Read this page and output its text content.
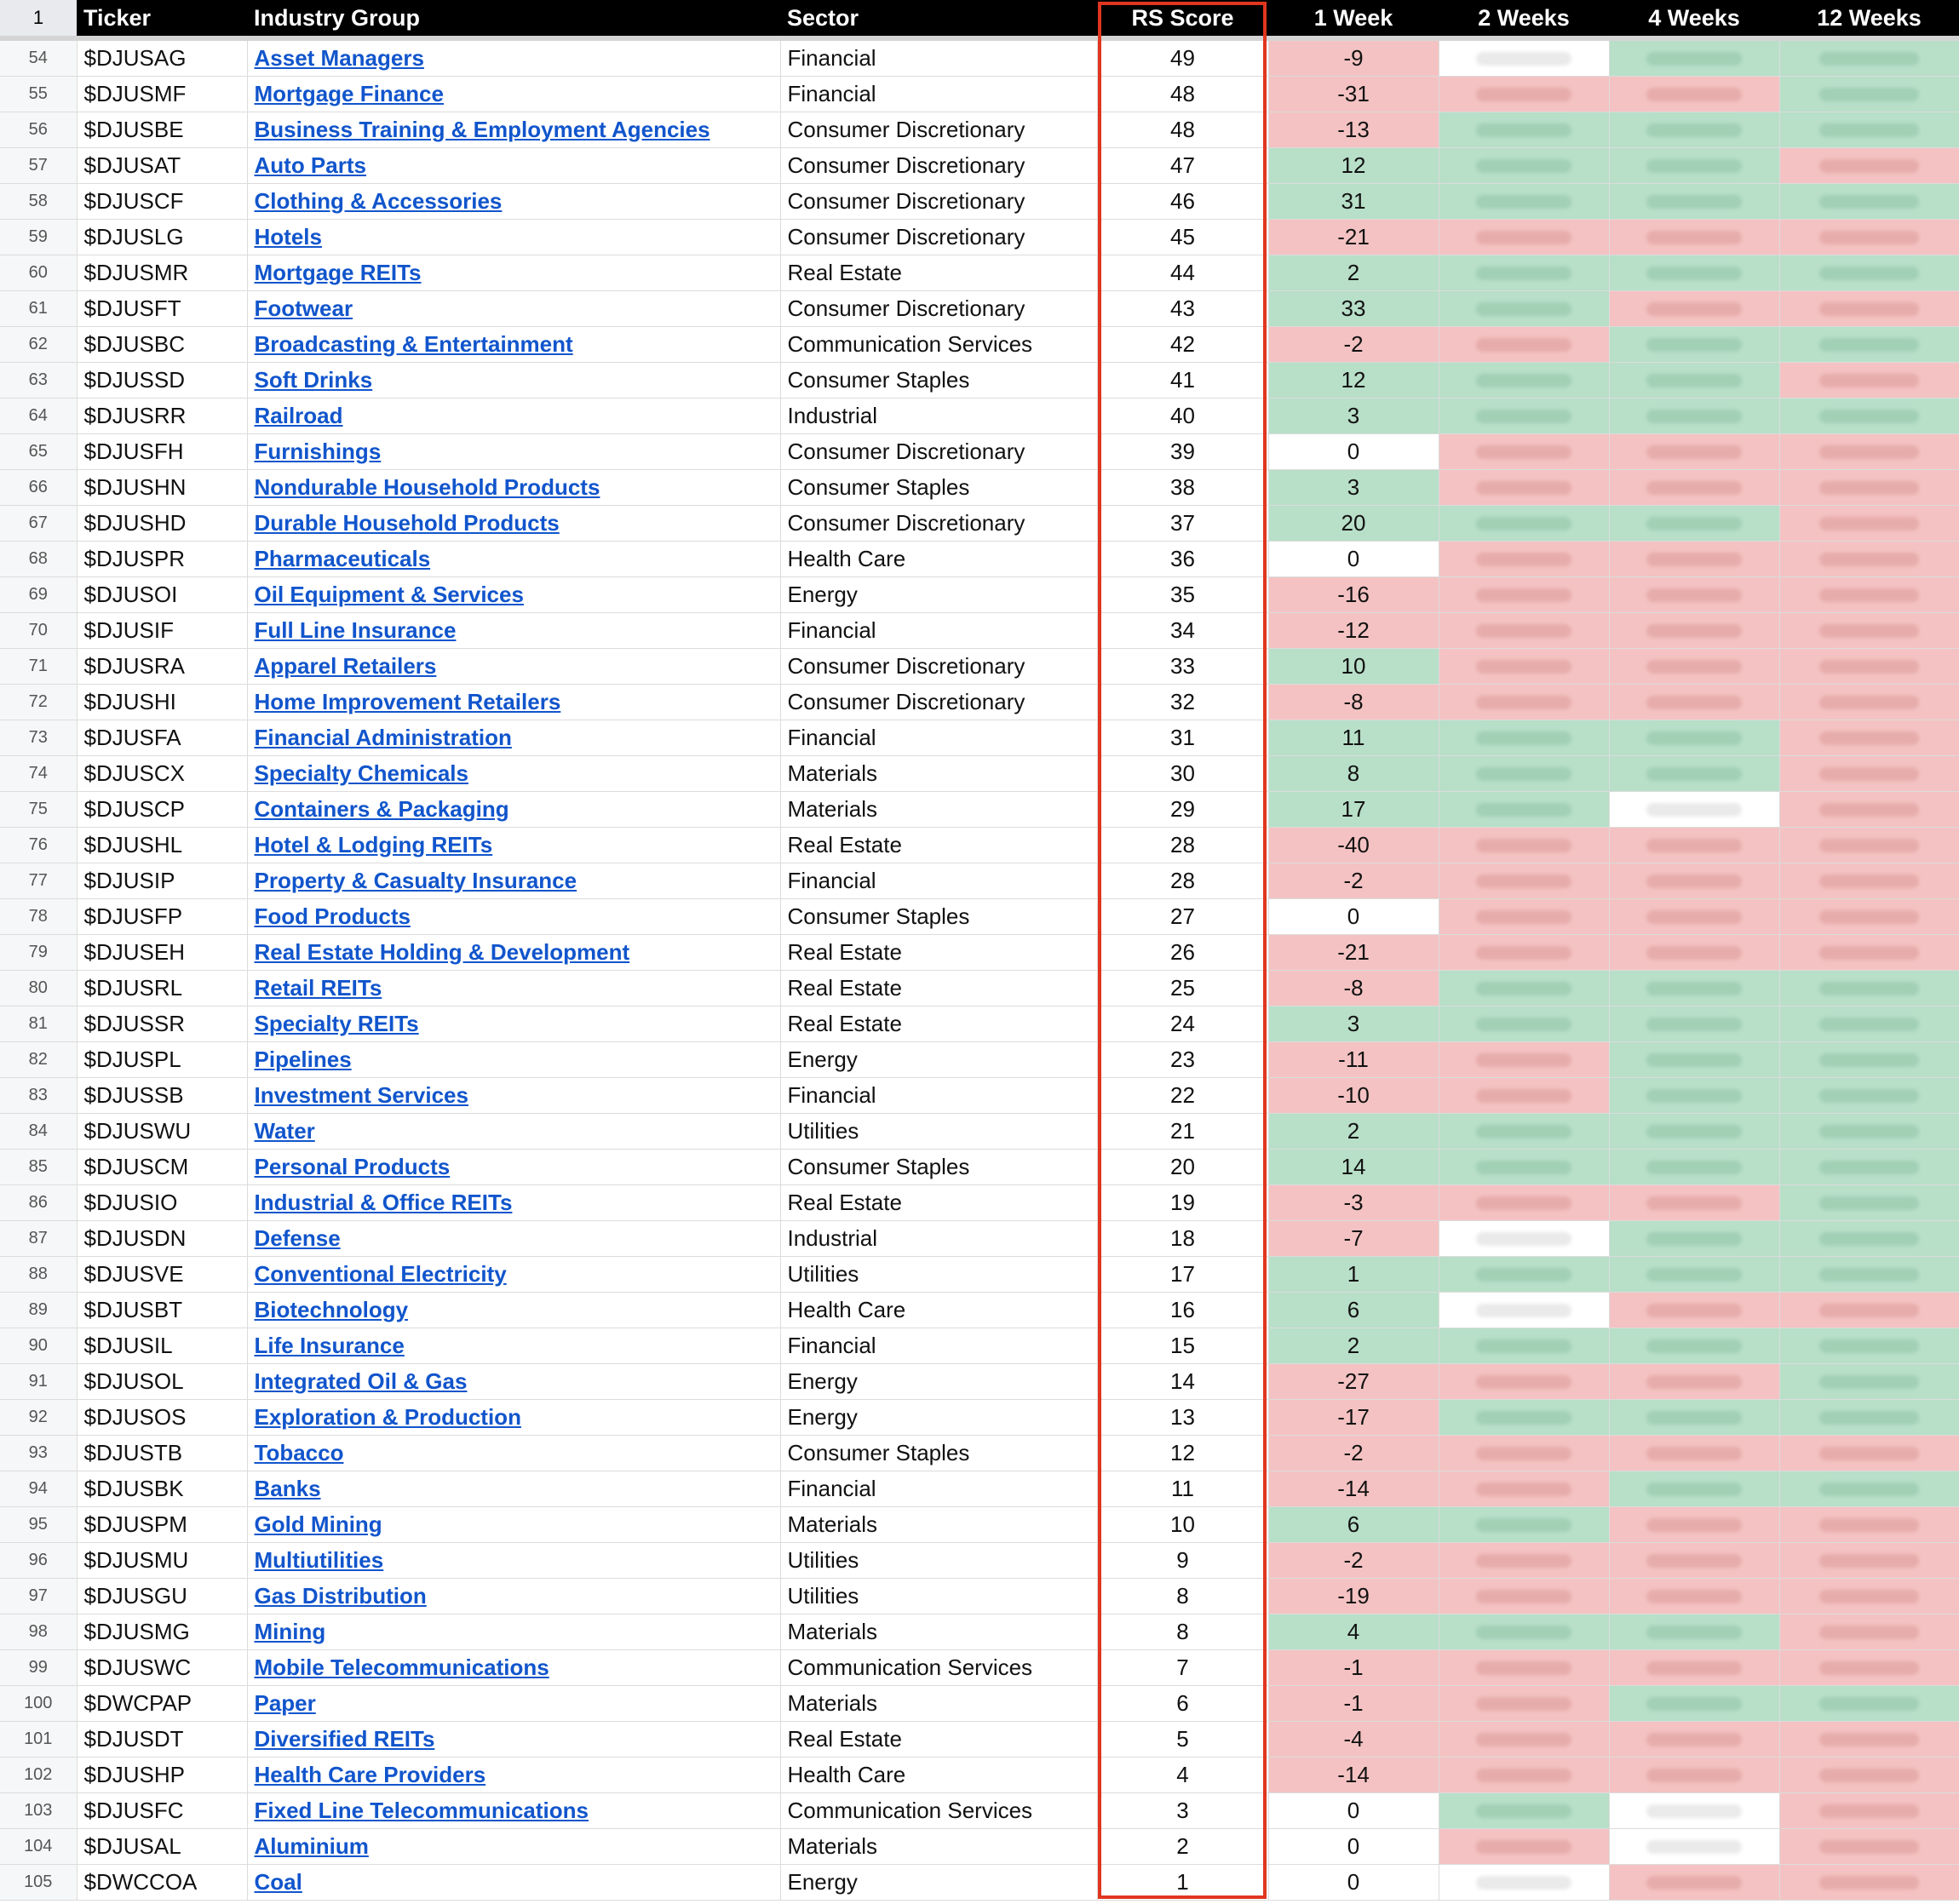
1	Ticker	Industry Group	Sector	RS Score	1 Week	2 Weeks	4 Weeks	12 Weeks
54	$DJUSAG	Asset Managers	Financial	49	-9	

55	$DJUSMF	Mortgage Finance	Financial	48	-31	

56	$DJUSBE	Business Training & Employment Agencies	Consumer Discretionary	48	-13	

57	$DJUSAT	Auto Parts	Consumer Discretionary	47	12	

58	$DJUSCF	Clothing & Accessories	Consumer Discretionary	46	31	

59	$DJUSLG	Hotels	Consumer Discretionary	45	-21	

60	$DJUSMR	Mortgage REITs	Real Estate	44	2	

61	$DJUSFT	Footwear	Consumer Discretionary	43	33	

62	$DJUSBC	Broadcasting & Entertainment	Communication Services	42	-2	

63	$DJUSSD	Soft Drinks	Consumer Staples	41	12	

64	$DJUSRR	Railroad	Industrial	40	3	

65	$DJUSFH	Furnishings	Consumer Discretionary	39	0	

66	$DJUSHN	Nondurable Household Products	Consumer Staples	38	3	

67	$DJUSHD	Durable Household Products	Consumer Discretionary	37	20	

68	$DJUSPR	Pharmaceuticals	Health Care	36	0	

69	$DJUSOI	Oil Equipment & Services	Energy	35	-16	

70	$DJUSIF	Full Line Insurance	Financial	34	-12	

71	$DJUSRA	Apparel Retailers	Consumer Discretionary	33	10	

72	$DJUSHI	Home Improvement Retailers	Consumer Discretionary	32	-8	

73	$DJUSFA	Financial Administration	Financial	31	11	

74	$DJUSCX	Specialty Chemicals	Materials	30	8	

75	$DJUSCP	Containers & Packaging	Materials	29	17	

76	$DJUSHL	Hotel & Lodging REITs	Real Estate	28	-40	

77	$DJUSIP	Property & Casualty Insurance	Financial	28	-2	

78	$DJUSFP	Food Products	Consumer Staples	27	0	

79	$DJUSEH	Real Estate Holding & Development	Real Estate	26	-21	

80	$DJUSRL	Retail REITs	Real Estate	25	-8	

81	$DJUSSR	Specialty REITs	Real Estate	24	3	

82	$DJUSPL	Pipelines	Energy	23	-11	

83	$DJUSSB	Investment Services	Financial	22	-10	

84	$DJUSWU	Water	Utilities	21	2	

85	$DJUSCM	Personal Products	Consumer Staples	20	14	

86	$DJUSIO	Industrial & Office REITs	Real Estate	19	-3	

87	$DJUSDN	Defense	Industrial	18	-7	

88	$DJUSVE	Conventional Electricity	Utilities	17	1	

89	$DJUSBT	Biotechnology	Health Care	16	6	

90	$DJUSIL	Life Insurance	Financial	15	2	

91	$DJUSOL	Integrated Oil & Gas	Energy	14	-27	

92	$DJUSOS	Exploration & Production	Energy	13	-17	

93	$DJUSTB	Tobacco	Consumer Staples	12	-2	

94	$DJUSBK	Banks	Financial	11	-14	

95	$DJUSPM	Gold Mining	Materials	10	6	

96	$DJUSMU	Multiutilities	Utilities	9	-2	

97	$DJUSGU	Gas Distribution	Utilities	8	-19	

98	$DJUSMG	Mining	Materials	8	4	

99	$DJUSWC	Mobile Telecommunications	Communication Services	7	-1	

100	$DWCPAP	Paper	Materials	6	-1	

101	$DJUSDT	Diversified REITs	Real Estate	5	-4	

102	$DJUSHP	Health Care Providers	Health Care	4	-14	

103	$DJUSFC	Fixed Line Telecommunications	Communication Services	3	0	

104	$DJUSAL	Aluminium	Materials	2	0	

105	$DWCCOA	Coal	Energy	1	0	
